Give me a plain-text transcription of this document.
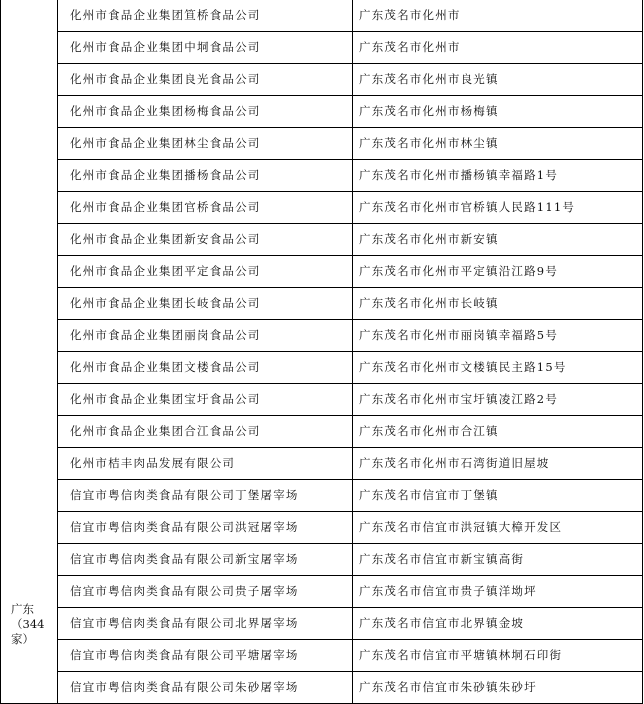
广东
（344
家）	化州市食品企业集团笪桥食品公司	广东茂名市化州市
	化州市食品企业集团中垌食品公司	广东茂名市化州市
	化州市食品企业集团良光食品公司	广东茂名市化州市良光镇
	化州市食品企业集团杨梅食品公司	广东茂名市化州市杨梅镇
	化州市食品企业集团林尘食品公司	广东茂名市化州市林尘镇
	化州市食品企业集团播杨食品公司	广东茂名市化州市播杨镇幸福路1号
	化州市食品企业集团官桥食品公司	广东茂名市化州市官桥镇人民路111号
	化州市食品企业集团新安食品公司	广东茂名市化州市新安镇
	化州市食品企业集团平定食品公司	广东茂名市化州市平定镇沿江路9号
	化州市食品企业集团长岐食品公司	广东茂名市化州市长岐镇
	化州市食品企业集团丽岗食品公司	广东茂名市化州市丽岗镇幸福路5号
	化州市食品企业集团文楼食品公司	广东茂名市化州市文楼镇民主路15号
	化州市食品企业集团宝圩食品公司	广东茂名市化州市宝圩镇凌江路2号
	化州市食品企业集团合江食品公司	广东茂名市化州市合江镇
	化州市桔丰肉品发展有限公司	广东茂名市化州市石湾街道旧屋坡
	信宜市粤信肉类食品有限公司丁堡屠宰场	广东茂名市信宜市丁堡镇
	信宜市粤信肉类食品有限公司洪冠屠宰场	广东茂名市信宜市洪冠镇大樟开发区
	信宜市粤信肉类食品有限公司新宝屠宰场	广东茂名市信宜市新宝镇高街
	信宜市粤信肉类食品有限公司贵子屠宰场	广东茂名市信宜市贵子镇洋坳坪
	信宜市粤信肉类食品有限公司北界屠宰场	广东茂名市信宜市北界镇金坡
	信宜市粤信肉类食品有限公司平塘屠宰场	广东茂名市信宜市平塘镇林垌石印街
	信宜市粤信肉类食品有限公司朱砂屠宰场	广东茂名市信宜市朱砂镇朱砂圩
